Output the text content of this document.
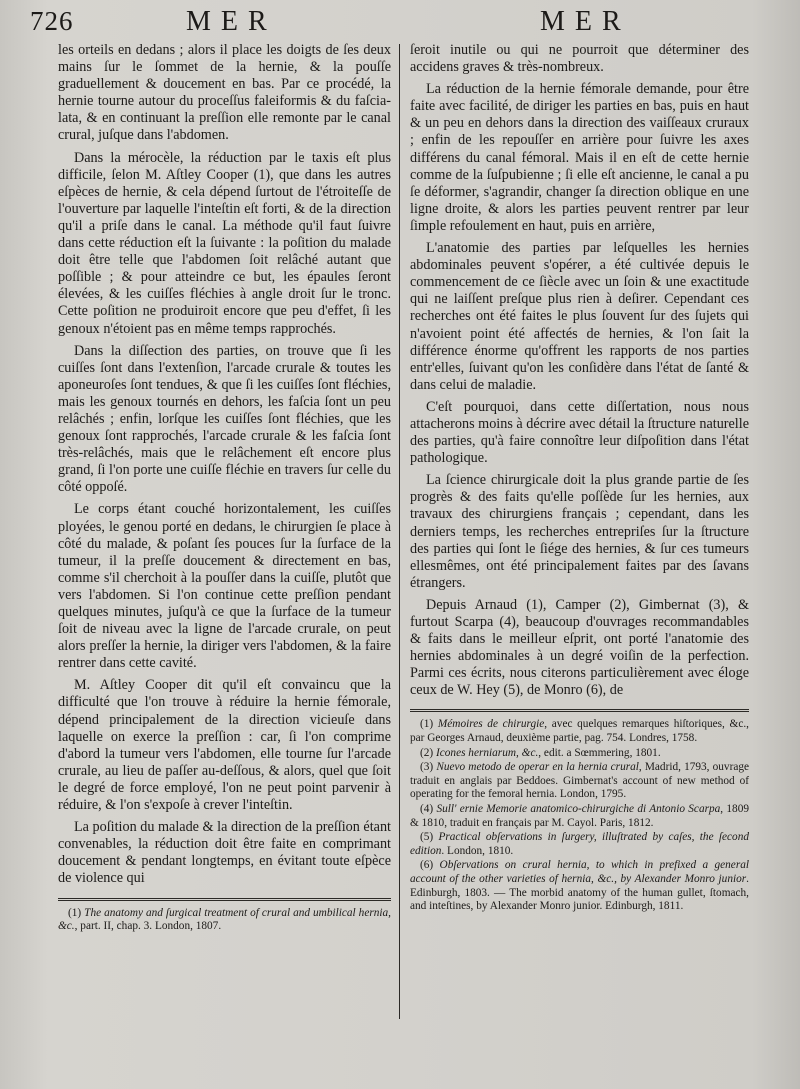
726	MER	MER

les orteils en dedans ; alors il place les doigts de ſes deux mains ſur le ſommet de la hernie, & la pouſſe graduellement & doucement en bas. Par ce procédé, la hernie tourne autour du proceſſus faleiformis & du faſcia-lata, & en continuant la preſſion elle remonte par le canal crural, juſque dans l'abdomen.

Dans la mérocèle, la réduction par le taxis eſt plus difficile, ſelon M. Aſtley Cooper (1), que dans les autres eſpèces de hernie, & cela dépend ſurtout de l'étroiteſſe de l'ouverture par laquelle l'inteſtin eſt forti, & de la direction qu'il a priſe dans le canal. La méthode qu'il faut ſuivre dans cette réduction eſt la ſuivante : la poſition du malade doit être telle que l'abdomen ſoit relâché autant que poſſible ; & pour atteindre ce but, les épaules ſeront élevées, & les cuiſſes fléchies à angle droit ſur le tronc. Cette poſition ne produiroit encore que peu d'effet, ſi les genoux n'étoient pas en même temps rapprochés.

Dans la diſſection des parties, on trouve que ſi les cuiſſes ſont dans l'extenſion, l'arcade crurale & toutes les aponeuroſes ſont tendues, & que ſi les cuiſſes ſont fléchies, mais les genoux tournés en dehors, les faſcia ſont un peu relâchés ; enfin, lorſque les cuiſſes ſont fléchies, que les genoux ſont rapprochés, l'arcade crurale & les faſcia ſont très-relâchés, mais que le relâchement eſt encore plus grand, ſi l'on porte une cuiſſe fléchie en travers ſur celle du côté oppoſé.

Le corps étant couché horizontalement, les cuiſſes ployées, le genou porté en dedans, le chirurgien ſe place à côté du malade, & poſant ſes pouces ſur la ſurface de la tumeur, il la preſſe doucement & directement en bas, comme s'il cherchoit à la pouſſer dans la cuiſſe, plutôt que vers l'abdomen. Si l'on continue cette preſſion pendant quelques minutes, juſqu'à ce que la ſurface de la tumeur ſoit de niveau avec la ligne de l'arcade crurale, on peut alors preſſer la hernie, la diriger vers l'abdomen, & la faire rentrer dans cette cavité.

M. Aſtley Cooper dit qu'il eſt convaincu que la difficulté que l'on trouve à réduire la hernie fémorale, dépend principalement de la direction vicieuſe dans laquelle on exerce la preſſion : car, ſi l'on comprime d'abord la tumeur vers l'abdomen, elle tourne ſur l'arcade crurale, au lieu de paſſer au-deſſous, & alors, quel que ſoit le degré de force employé, l'on ne peut point parvenir à réduire, & l'on s'expoſe à crever l'inteſtin.

La poſition du malade & la direction de la preſſion étant convenables, la réduction doit être faite en comprimant doucement & pendant longtemps, en évitant toute eſpèce de violence qui

(1) The anatomy and ſurgical treatment of crural and umbilical hernia, &c., part. II, chap. 3. London, 1807.

ſeroit inutile ou qui ne pourroit que déterminer des accidens graves & très-nombreux.

La réduction de la hernie fémorale demande, pour être faite avec facilité, de diriger les parties en bas, puis en haut & un peu en dehors dans la direction des vaiſſeaux cruraux ; enfin de les repouſſer en arrière pour ſuivre les axes différens du canal fémoral. Mais il en eſt de cette hernie comme de la ſuſpubienne ; ſi elle eſt ancienne, le canal a pu ſe déformer, s'agrandir, changer ſa direction oblique en une ligne droite, & alors les parties peuvent rentrer par leur ſimple refoulement en haut, puis en arrière,

L'anatomie des parties par leſquelles les hernies abdominales peuvent s'opérer, a été cultivée depuis le commencement de ce ſiècle avec un ſoin & une exactitude qui ne laiſſent preſque plus rien à deſirer. Cependant ces recherches ont été faites le plus ſouvent ſur des ſujets qui n'avoient point été affectés de hernies, & l'on ſait la différence énorme qu'offrent les rapports de nos parties entr'elles, ſuivant qu'on les conſidère dans l'état de ſanté & dans celui de maladie.

C'eſt pourquoi, dans cette diſſertation, nous nous attacherons moins à décrire avec détail la ſtructure naturelle des parties, qu'à faire connoître leur diſpoſition dans l'état pathologique.

La ſcience chirurgicale doit la plus grande partie de ſes progrès & des faits qu'elle poſſède ſur les hernies, aux travaux des chirurgiens français ; cependant, dans les derniers temps, les recherches entrepriſes ſur la ſtructure des parties qui ſont le ſiége des hernies, & ſur ces tumeurs ellesmêmes, ont été principalement faites par des ſavans étrangers.

Depuis Arnaud (1), Camper (2), Gimbernat (3), & furtout Scarpa (4), beaucoup d'ouvrages recommandables & faits dans le meilleur eſprit, ont porté l'anatomie des hernies abdominales à un degré voiſin de la perfection. Parmi ces écrits, nous citerons particulièrement avec éloge ceux de W. Hey (5), de Monro (6), de

(1) Mémoires de chirurgie, avec quelques remarques hiſtoriques, &c., par Georges Arnaud, deuxième partie, pag. 754. Londres, 1758.

(2) Icones herniarum, &c., edit. a Sœmmering, 1801.

(3) Nuevo metodo de operar en la hernia crural, Madrid, 1793, ouvrage traduit en anglais par Beddoes. Gimbernat's account of new method of operating for the femoral hernia. London, 1795.

(4) Sull' ernie Memorie anatomico-chirurgiche di Antonio Scarpa, 1809 & 1810, traduit en français par M. Cayol. Paris, 1812.

(5) Practical obſervations in ſurgery, illuſtrated by caſes, the ſecond edition. London, 1810.

(6) Obſervations on crural hernia, to which in prefixed a general account of the other varieties of hernia, &c., by Alexander Monro junior. Edinburgh, 1803. — The morbid anatomy of the human gullet, ſtomach, and inteſtines, by Alexander Monro junior. Edinburgh, 1811.
